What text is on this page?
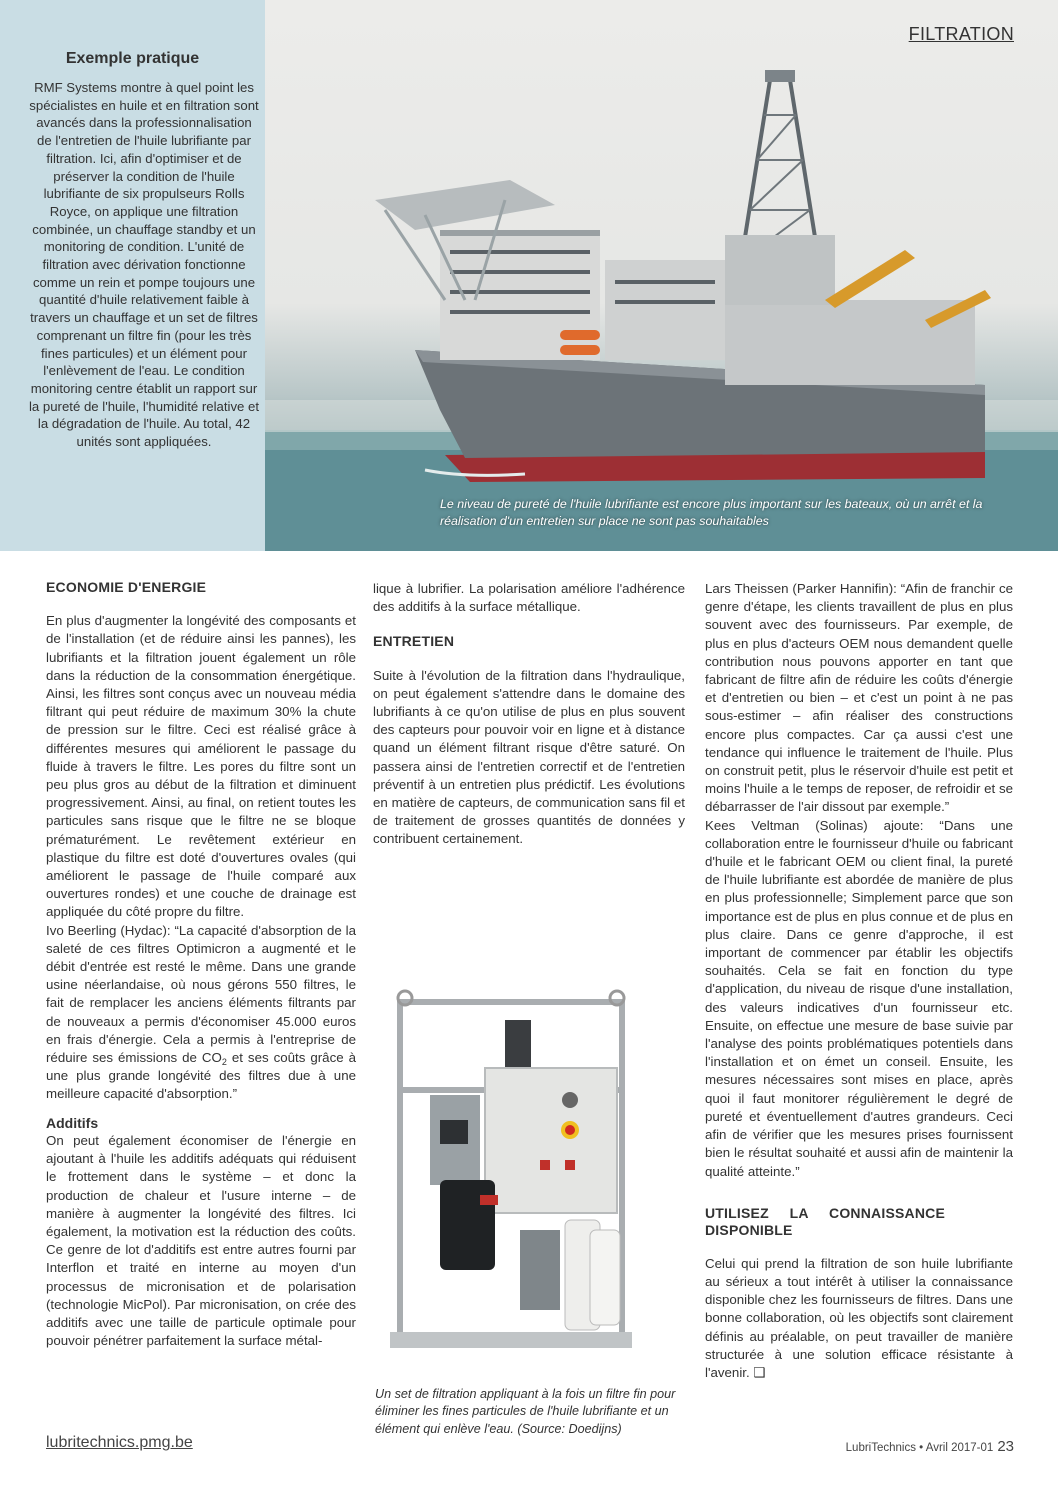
Exemple pratique
RMF Systems montre à quel point les spécialistes en huile et en filtration sont avancés dans la professionnalisation de l'entretien de l'huile lubrifiante par filtration. Ici, afin d'optimiser et de préserver la condition de l'huile lubrifiante de six propulseurs Rolls Royce, on applique une filtration combinée, un chauffage standby et un monitoring de condition. L'unité de filtration avec dérivation fonctionne comme un rein et pompe toujours une quantité d'huile relativement faible à travers un chauffage et un set de filtres comprenant un filtre fin (pour les très fines particules) et un élément pour l'enlèvement de l'eau. Le condition monitoring centre établit un rapport sur la pureté de l'huile, l'humidité relative et la dégradation de l'huile. Au total, 42 unités sont appliquées.
FILTRATION
Le niveau de pureté de l'huile lubrifiante est encore plus important sur les bateaux, où un arrêt et la réalisation d'un entretien sur place ne sont pas souhaitables
ECONOMIE D'ENERGIE

En plus d'augmenter la longévité des composants et de l'installation (et de réduire ainsi les pannes), les lubrifiants et la filtration jouent également un rôle dans la réduction de la consommation énergétique. Ainsi, les filtres sont conçus avec un nouveau média filtrant qui peut réduire de maximum 30% la chute de pression sur le filtre. Ceci est réalisé grâce à différentes mesures qui améliorent le passage du fluide à travers le filtre. Les pores du filtre sont un peu plus gros au début de la filtration et diminuent progressivement. Ainsi, au final, on retient toutes les particules sans risque que le filtre ne se bloque prématurément. Le revêtement extérieur en plastique du filtre est doté d'ouvertures ovales (qui améliorent le passage de l'huile comparé aux ouvertures rondes) et une couche de drainage est appliquée du côté propre du filtre.

Ivo Beerling (Hydac): “La capacité d'absorption de la saleté de ces filtres Optimicron a augmenté et le débit d'entrée est resté le même. Dans une grande usine néerlandaise, où nous gérons 550 filtres, le fait de remplacer les anciens éléments filtrants par de nouveaux a permis d'économiser 45.000 euros en frais d'énergie. Cela a permis à l'entreprise de réduire ses émissions de $CO_2$ et ses coûts grâce à une plus grande longévité des filtres due à une meilleure capacité d'absorption.”

Additifs

On peut également économiser de l'énergie en ajoutant à l'huile les additifs adéquats qui réduisent le frottement dans le système – et donc la production de chaleur et l'usure interne – de manière à augmenter la longévité des filtres. Ici également, la motivation est la réduction des coûts. Ce genre de lot d'additifs est entre autres fourni par Interflon et traité en interne au moyen d'un processus de micronisation et de polarisation (technologie MicPol). Par micronisation, on crée des additifs avec une taille de particule optimale pour pouvoir pénétrer parfaitement la surface métal-

lique à lubrifier. La polarisation améliore l'adhérence des additifs à la surface métallique.

ENTRETIEN

Suite à l'évolution de la filtration dans l'hydraulique, on peut également s'attendre dans le domaine des lubrifiants à ce qu'on utilise de plus en plus souvent des capteurs pour pouvoir voir en ligne et à distance quand un élément filtrant risque d'être saturé. On passera ainsi de l'entretien correctif et de l'entretien préventif à un entretien plus prédictif. Les évolutions en matière de capteurs, de communication sans fil et de traitement de grosses quantités de données y contribuent certainement.

Un set de filtration appliquant à la fois un filtre fin pour éliminer les fines particules de l'huile lubrifiante et un élément qui enlève l'eau. (Source: Doedijns)

Lars Theissen (Parker Hannifin): “Afin de franchir ce genre d'étape, les clients travaillent de plus en plus souvent avec des fournisseurs. Par exemple, de plus en plus d'acteurs OEM nous demandent quelle contribution nous pouvons apporter en tant que fabricant de filtre afin de réduire les coûts d'énergie et d'entretien ou bien – et c'est un point à ne pas sous-estimer – afin réaliser des constructions encore plus compactes. Car ça aussi c'est une tendance qui influence le traitement de l'huile. Plus on construit petit, plus le réservoir d'huile est petit et moins l'huile a le temps de reposer, de refroidir et se débarrasser de l'air dissout par exemple.”

Kees Veltman (Solinas) ajoute: “Dans une collaboration entre le fournisseur d'huile ou fabricant d'huile et le fabricant OEM ou client final, la pureté de l'huile lubrifiante est abordée de manière de plus en plus professionnelle; Simplement parce que son importance est de plus en plus connue et de plus en plus claire. Dans ce genre d'approche, il est important de commencer par établir les objectifs souhaités. Cela se fait en fonction du type d'application, du niveau de risque d'une installation, des valeurs indicatives d'un fournisseur etc. Ensuite, on effectue une mesure de base suivie par l'analyse des points problématiques potentiels dans l'installation et on émet un conseil. Ensuite, les mesures nécessaires sont mises en place, après quoi il faut monitorer régulièrement le degré de pureté et éventuellement d'autres grandeurs. Ceci afin de vérifier que les mesures prises fournissent bien le résultat souhaité et aussi afin de maintenir la qualité atteinte.”

UTILISEZ LA CONNAISSANCE DISPONIBLE

Celui qui prend la filtration de son huile lubrifiante au sérieux a tout intérêt à utiliser la connaissance disponible chez les fournisseurs de filtres. Dans une bonne collaboration, où les objectifs sont clairement définis au préalable, on peut travailler de manière structurée à une solution efficace résistante à l'avenir. ❑

lubritechnics.pmg.be	LubriTechnics • Avril 2017-01 23
